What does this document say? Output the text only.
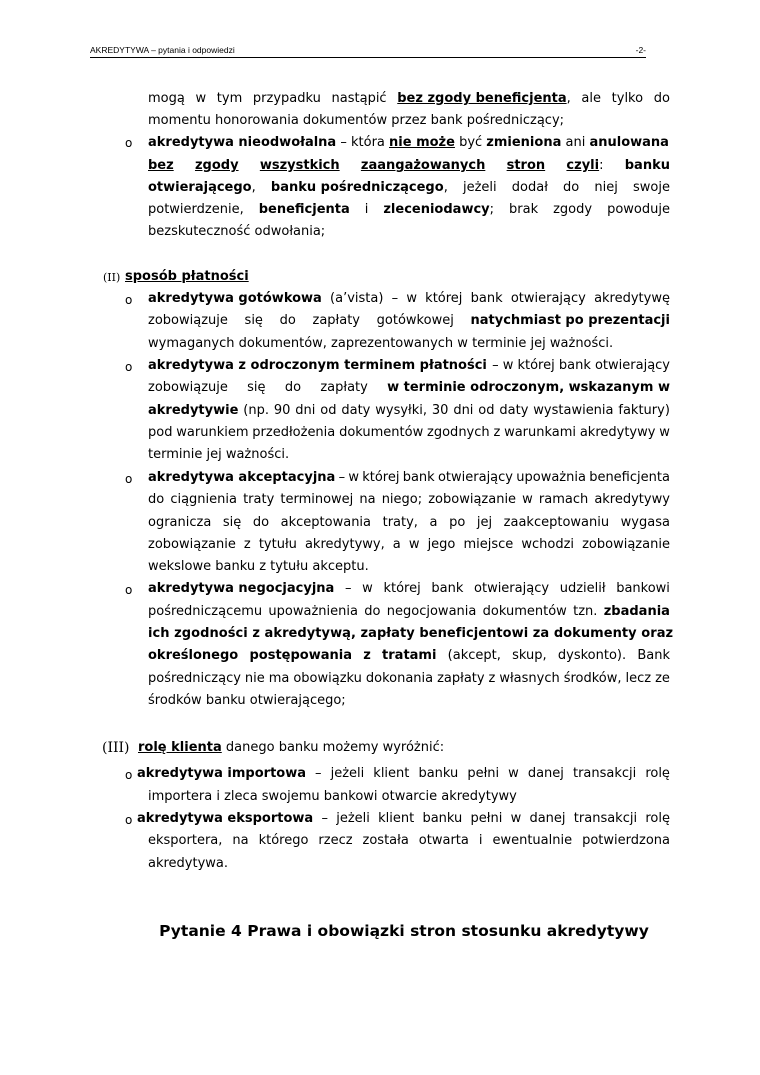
AKREDYTYWA – pytania i odpowiedzi	-2-
mogą w tym przypadku nastąpić bez zgody beneficjenta, ale tylko do
momentu honorowania dokumentów przez bank pośredniczący;
o akredytywa nieodwołalna – która nie może być zmieniona ani anulowana
bez zgody wszystkich zaangażowanych stron czyli: banku
otwierającego, banku pośredniczącego, jeżeli dodał do niej swoje
potwierdzenie, beneficjenta i zleceniodawcy; brak zgody powoduje
bezskuteczność odwołania;
(II) sposób płatności
o akredytywa gotówkowa (a’vista) – w której bank otwierający akredytywę
zobowiązuje się do zapłaty gotówkowej natychmiast po prezentacji
wymaganych dokumentów, zaprezentowanych w terminie jej ważności.
o akredytywa z odroczonym terminem płatności – w której bank otwierający
zobowiązuje się do zapłaty w terminie odroczonym, wskazanym w
akredytywie (np. 90 dni od daty wysyłki, 30 dni od daty wystawienia faktury)
pod warunkiem przedłożenia dokumentów zgodnych z warunkami akredytywy w
terminie jej ważności.
o akredytywa akceptacyjna – w której bank otwierający upoważnia beneficjenta
do ciągnienia traty terminowej na niego; zobowiązanie w ramach akredytywy
ogranicza się do akceptowania traty, a po jej zaakceptowaniu wygasa
zobowiązanie z tytułu akredytywy, a w jego miejsce wchodzi zobowiązanie
wekslowe banku z tytułu akceptu.
o akredytywa negocjacyjna – w której bank otwierający udzielił bankowi
pośredniczącemu upoważnienia do negocjowania dokumentów tzn. zbadania
ich zgodności z akredytywą, zapłaty beneficjentowi za dokumenty oraz
określonego postępowania z tratami (akcept, skup, dyskonto). Bank
pośredniczący nie ma obowiązku dokonania zapłaty z własnych środków, lecz ze
środków banku otwierającego;
(III) rolę klienta danego banku możemy wyróżnić:
o akredytywa importowa – jeżeli klient banku pełni w danej transakcji rolę
importera i zleca swojemu bankowi otwarcie akredytywy
o akredytywa eksportowa – jeżeli klient banku pełni w danej transakcji rolę
eksportera, na którego rzecz została otwarta i ewentualnie potwierdzona
akredytywa.
Pytanie 4 Prawa i obowiązki stron stosunku akredytywy
